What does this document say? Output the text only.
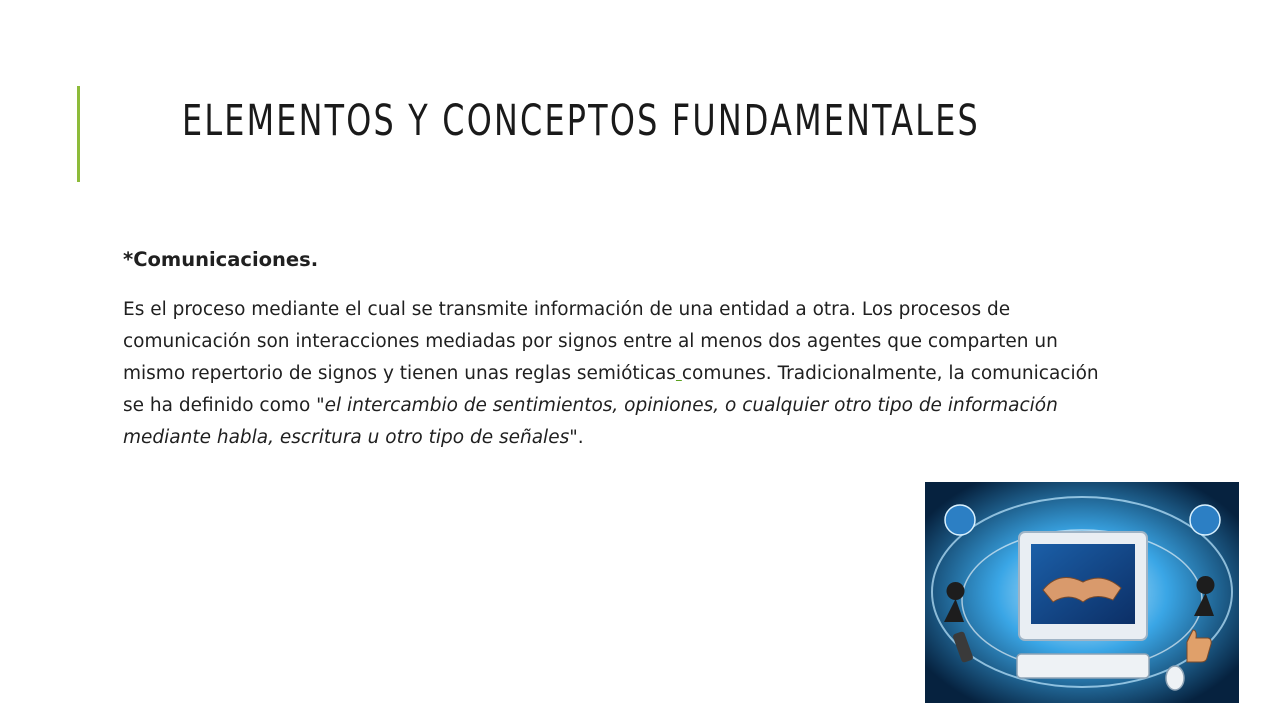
ELEMENTOS Y CONCEPTOS FUNDAMENTALES

*Comunicaciones.

Es el proceso mediante el cual se transmite información de una entidad a otra. Los procesos de comunicación son interacciones mediadas por signos entre al menos dos agentes que comparten un mismo repertorio de signos y tienen unas reglas semióticas comunes. Tradicionalmente, la comunicación se ha definido como "el intercambio de sentimientos, opiniones, o cualquier otro tipo de información mediante habla, escritura u otro tipo de señales".
